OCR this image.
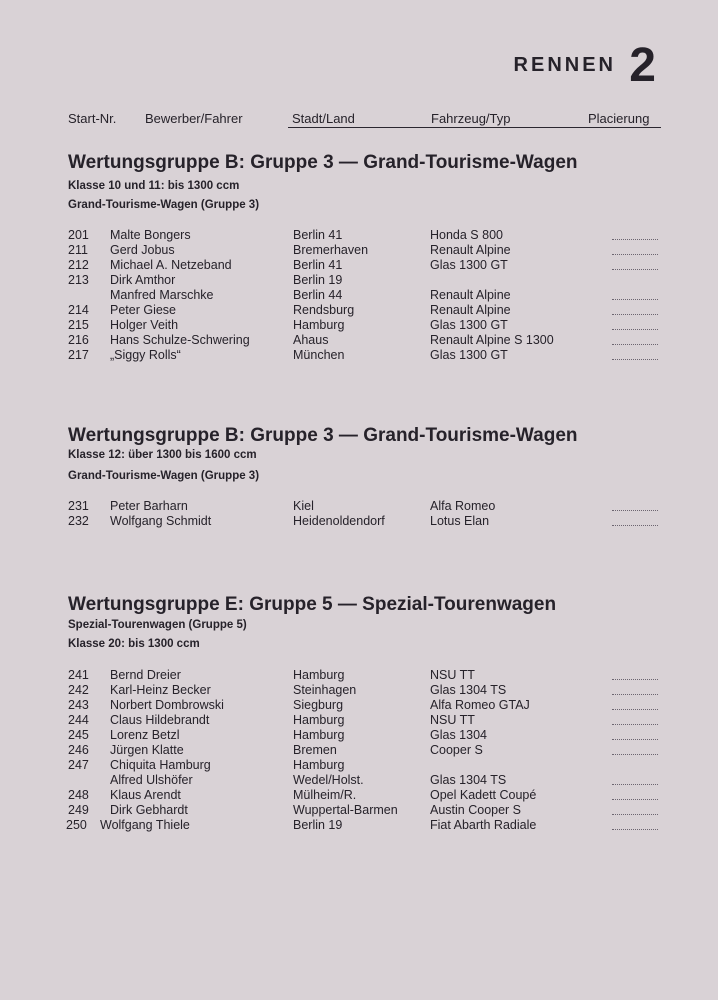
RENNEN 2
Start-Nr. Bewerber/Fahrer	Stadt/Land	Fahrzeug/Typ	Placierung
Wertungsgruppe B: Gruppe 3 — Grand-Tourisme-Wagen
Klasse 10 und 11: bis 1300 ccm
Grand-Tourisme-Wagen (Gruppe 3)
201 Malte Bongers	Berlin 41	Honda S 800
211 Gerd Jobus	Bremerhaven	Renault Alpine
212 Michael A. Netzeband	Berlin 41	Glas 1300 GT
213 Dirk Amthor	Berlin 19
Manfred Marschke	Berlin 44	Renault Alpine
214 Peter Giese	Rendsburg	Renault Alpine
215 Holger Veith	Hamburg	Glas 1300 GT
216 Hans Schulze-Schwering	Ahaus	Renault Alpine S 1300
217 „Siggy Rolls“	München	Glas 1300 GT
Wertungsgruppe B: Gruppe 3 — Grand-Tourisme-Wagen
Klasse 12: über 1300 bis 1600 ccm
Grand-Tourisme-Wagen (Gruppe 3)
231 Peter Barharn	Kiel	Alfa Romeo
232 Wolfgang Schmidt	Heidenoldendorf	Lotus Elan
Wertungsgruppe E: Gruppe 5 — Spezial-Tourenwagen
Spezial-Tourenwagen (Gruppe 5)
Klasse 20: bis 1300 ccm
241 Bernd Dreier	Hamburg	NSU TT
242 Karl-Heinz Becker	Steinhagen	Glas 1304 TS
243 Norbert Dombrowski	Siegburg	Alfa Romeo GTAJ
244 Claus Hildebrandt	Hamburg	NSU TT
245 Lorenz Betzl	Hamburg	Glas 1304
246 Jürgen Klatte	Bremen	Cooper S
247 Chiquita Hamburg	Hamburg
Alfred Ulshöfer	Wedel/Holst.	Glas 1304 TS
248 Klaus Arendt	Mülheim/R.	Opel Kadett Coupé
249 Dirk Gebhardt	Wuppertal-Barmen	Austin Cooper S
250 Wolfgang Thiele	Berlin 19	Fiat Abarth Radiale
